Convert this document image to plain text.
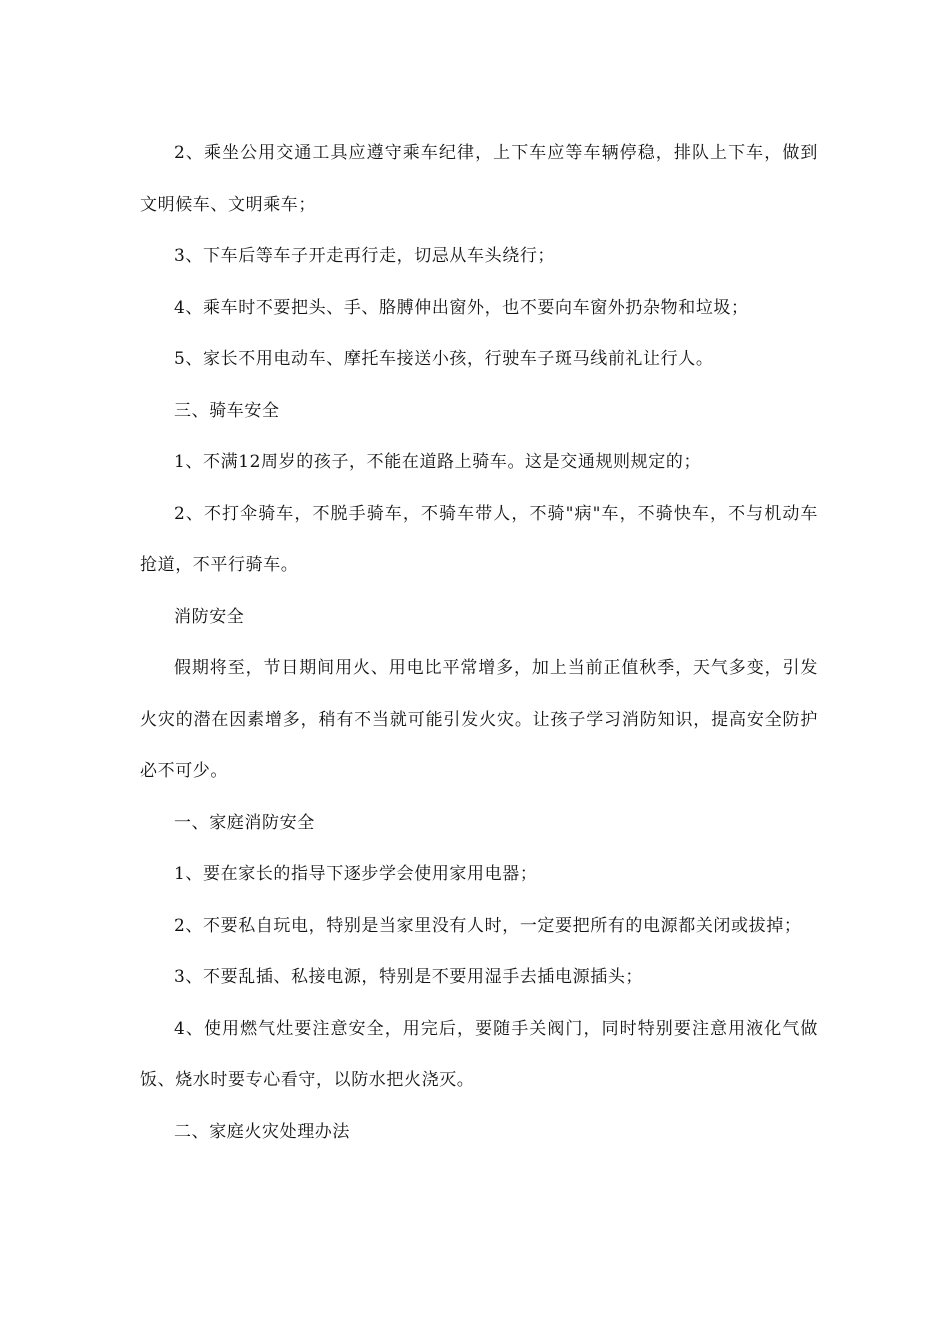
2、乘坐公用交通工具应遵守乘车纪律，上下车应等车辆停稳，排队上下车，做到文明候车、文明乘车；

3、下车后等车子开走再行走，切忌从车头绕行；

4、乘车时不要把头、手、胳膊伸出窗外，也不要向车窗外扔杂物和垃圾；

5、家长不用电动车、摩托车接送小孩，行驶车子斑马线前礼让行人。

三、骑车安全

1、不满12周岁的孩子，不能在道路上骑车。这是交通规则规定的；

2、不打伞骑车，不脱手骑车，不骑车带人，不骑"病"车，不骑快车，不与机动车抢道，不平行骑车。

消防安全

假期将至，节日期间用火、用电比平常增多，加上当前正值秋季，天气多变，引发火灾的潜在因素增多，稍有不当就可能引发火灾。让孩子学习消防知识，提高安全防护必不可少。

一、家庭消防安全

1、要在家长的指导下逐步学会使用家用电器；

2、不要私自玩电，特别是当家里没有人时，一定要把所有的电源都关闭或拔掉；

3、不要乱插、私接电源，特别是不要用湿手去插电源插头；

4、使用燃气灶要注意安全，用完后，要随手关阀门，同时特别要注意用液化气做饭、烧水时要专心看守，以防水把火浇灭。

二、家庭火灾处理办法
